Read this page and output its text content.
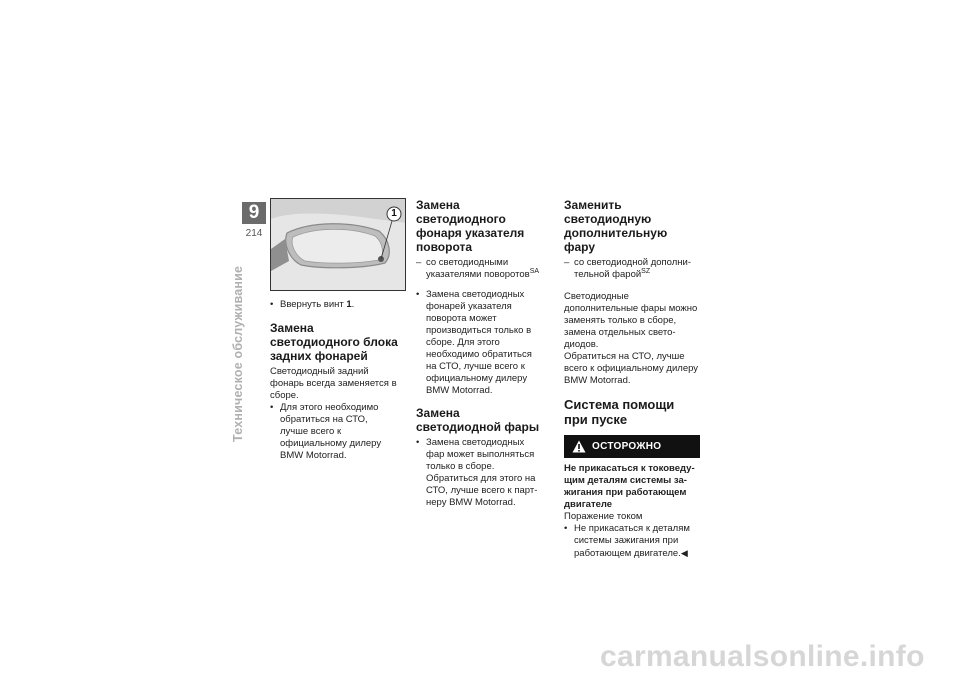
9
214
Техническое обслуживание
1
• Ввернуть винт 1.
Замена светодиодного блока задних фонарей

Светодиодный задний фонарь всегда заменяется в сборе.

• Для этого необходимо обратиться на СТО, лучше всего к официальному дилеру BMW Motorrad.
Замена светодиодного фонаря указателя поворота
– со светодиодными указателями поворотов$^{SA}$
• Замена светодиодных фонарей указателя поворота может производиться только в сборе. Для этого необходимо обратиться на СТО, лучше всего к официальному дилеру BMW Motorrad.
Замена светодиодной фары
• Замена светодиодных фар может выполняться только в сборе. Обратиться для этого на СТО, лучше всего к партнеру BMW Motorrad.
Заменить светодиодную дополнительную фару
– со светодиодной дополнительной фарой$^{SZ}$

Светодиодные дополнительные фары можно заменять только в сборе, замена отдельных светодиодов.

Обратиться на СТО, лучше всего к официальному дилеру BMW Motorrad.

Система помощи при пуске
ОСТОРОЖНО

Не прикасаться к токоведущим деталям системы зажигания при работающем двигателе

Поражение током

• Не прикасаться к деталям системы зажигания при работающем двигателе.◀
carmanualsonline.info
